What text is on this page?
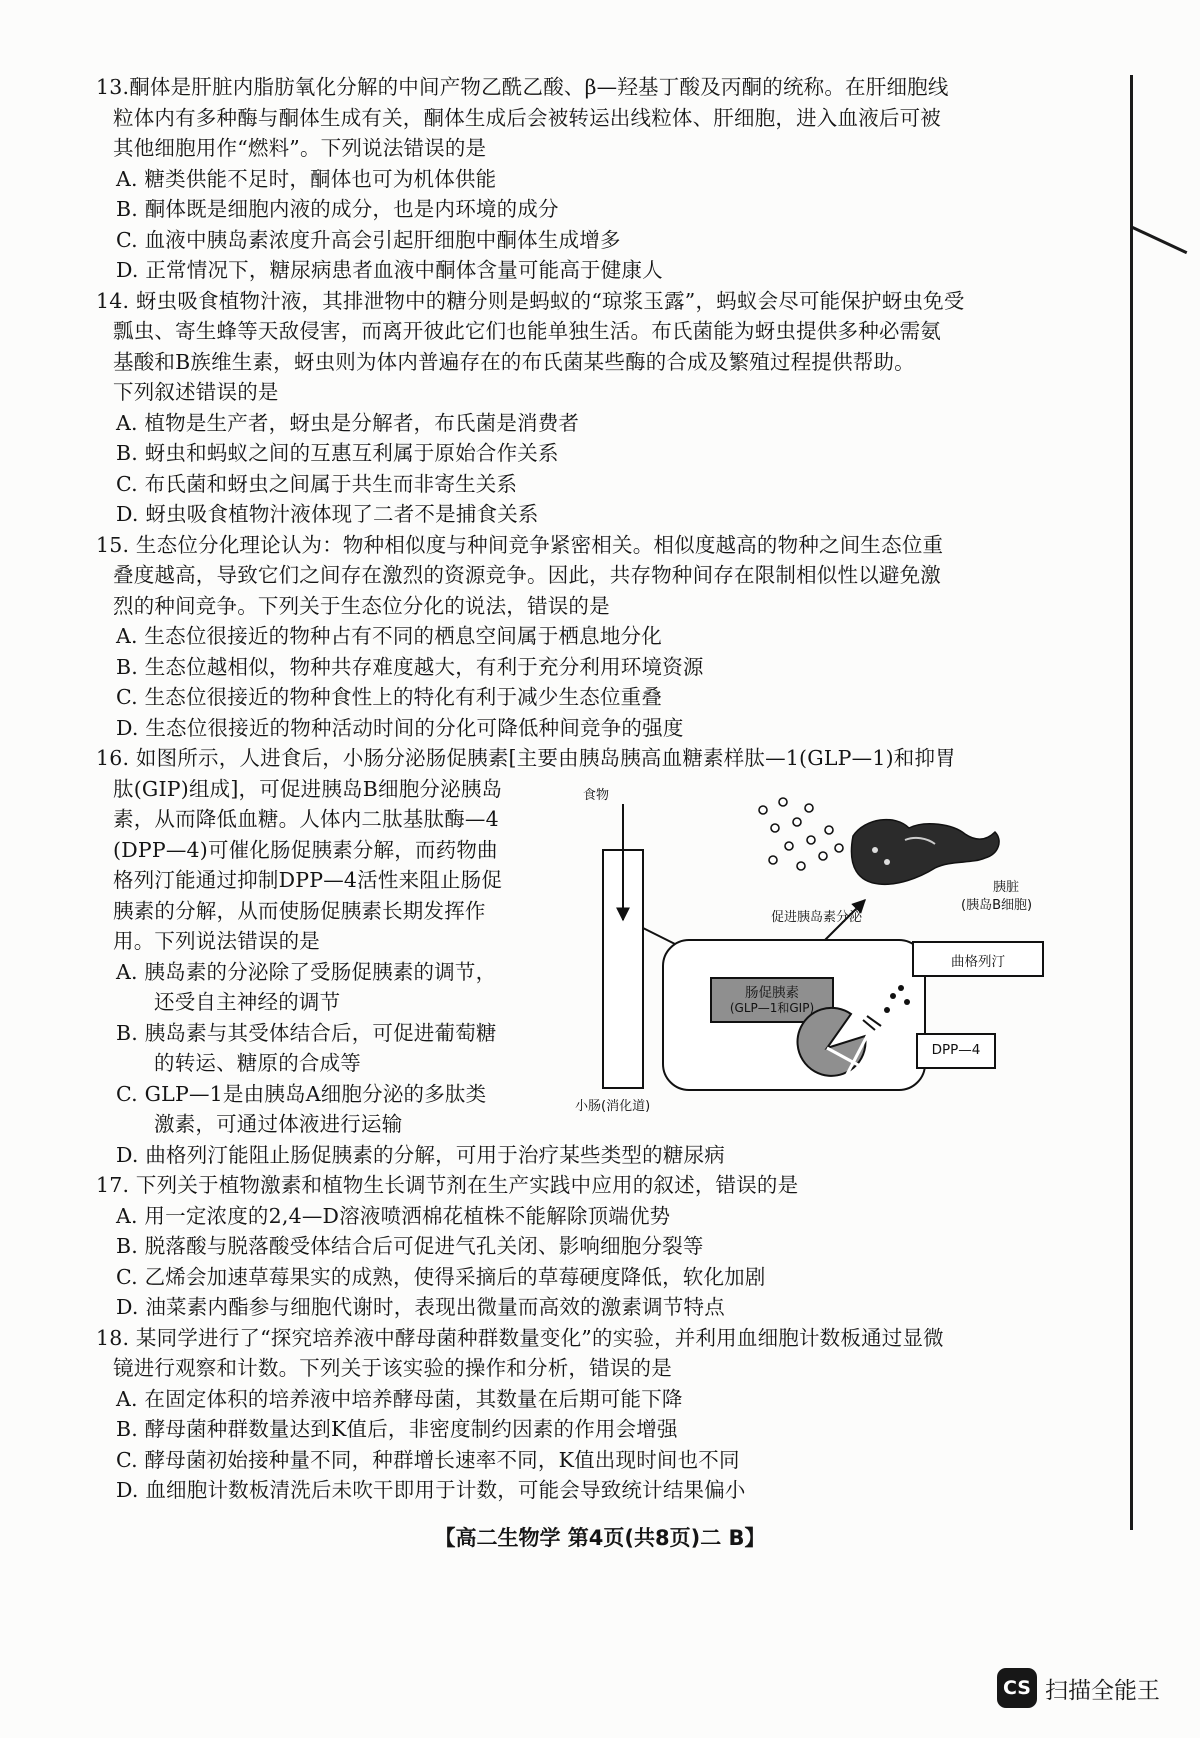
13.酮体是肝脏内脂肪氧化分解的中间产物乙酰乙酸、β—羟基丁酸及丙酮的统称。在肝细胞线
粒体内有多种酶与酮体生成有关，酮体生成后会被转运出线粒体、肝细胞，进入血液后可被
其他细胞用作“燃料”。下列说法错误的是
A. 糖类供能不足时，酮体也可为机体供能
B. 酮体既是细胞内液的成分，也是内环境的成分
C. 血液中胰岛素浓度升高会引起肝细胞中酮体生成增多
D. 正常情况下，糖尿病患者血液中酮体含量可能高于健康人
14. 蚜虫吸食植物汁液，其排泄物中的糖分则是蚂蚁的“琼浆玉露”，蚂蚁会尽可能保护蚜虫免受
瓢虫、寄生蜂等天敌侵害，而离开彼此它们也能单独生活。布氏菌能为蚜虫提供多种必需氨
基酸和B族维生素，蚜虫则为体内普遍存在的布氏菌某些酶的合成及繁殖过程提供帮助。
下列叙述错误的是
A. 植物是生产者，蚜虫是分解者，布氏菌是消费者
B. 蚜虫和蚂蚁之间的互惠互利属于原始合作关系
C. 布氏菌和蚜虫之间属于共生而非寄生关系
D. 蚜虫吸食植物汁液体现了二者不是捕食关系
15. 生态位分化理论认为：物种相似度与种间竞争紧密相关。相似度越高的物种之间生态位重
叠度越高，导致它们之间存在激烈的资源竞争。因此，共存物种间存在限制相似性以避免激
烈的种间竞争。下列关于生态位分化的说法，错误的是
A. 生态位很接近的物种占有不同的栖息空间属于栖息地分化
B. 生态位越相似，物种共存难度越大，有利于充分利用环境资源
C. 生态位很接近的物种食性上的特化有利于减少生态位重叠
D. 生态位很接近的物种活动时间的分化可降低种间竞争的强度
16. 如图所示，人进食后，小肠分泌肠促胰素[主要由胰岛胰高血糖素样肽—1(GLP—1)和抑胃
肽(GIP)组成]，可促进胰岛B细胞分泌胰岛
素，从而降低血糖。人体内二肽基肽酶—4
(DPP—4)可催化肠促胰素分解，而药物曲
格列汀能通过抑制DPP—4活性来阻止肠促
胰素的分解，从而使肠促胰素长期发挥作
用。下列说法错误的是
A. 胰岛素的分泌除了受肠促胰素的调节，
还受自主神经的调节
B. 胰岛素与其受体结合后，可促进葡萄糖
的转运、糖原的合成等
C. GLP—1是由胰岛A细胞分泌的多肽类
激素，可通过体液进行运输
D. 曲格列汀能阻止肠促胰素的分解，可用于治疗某些类型的糖尿病
17. 下列关于植物激素和植物生长调节剂在生产实践中应用的叙述，错误的是
A. 用一定浓度的2,4—D溶液喷洒棉花植株不能解除顶端优势
B. 脱落酸与脱落酸受体结合后可促进气孔关闭、影响细胞分裂等
C. 乙烯会加速草莓果实的成熟，使得采摘后的草莓硬度降低，软化加剧
D. 油菜素内酯参与细胞代谢时，表现出微量而高效的激素调节特点
18. 某同学进行了“探究培养液中酵母菌种群数量变化”的实验，并利用血细胞计数板通过显微
镜进行观察和计数。下列关于该实验的操作和分析，错误的是
A. 在固定体积的培养液中培养酵母菌，其数量在后期可能下降
B. 酵母菌种群数量达到K值后，非密度制约因素的作用会增强
C. 酵母菌初始接种量不同，种群增长速率不同，K值出现时间也不同
D. 血细胞计数板清洗后未吹干即用于计数，可能会导致统计结果偏小
食物
小肠(消化道)
促进胰岛素分泌
胰脏
(胰岛B细胞)
曲格列汀
肠促胰素
(GLP—1和GIP)
DPP—4
【高二生物学 第4页(共8页)二 B】
CS 扫描全能王
